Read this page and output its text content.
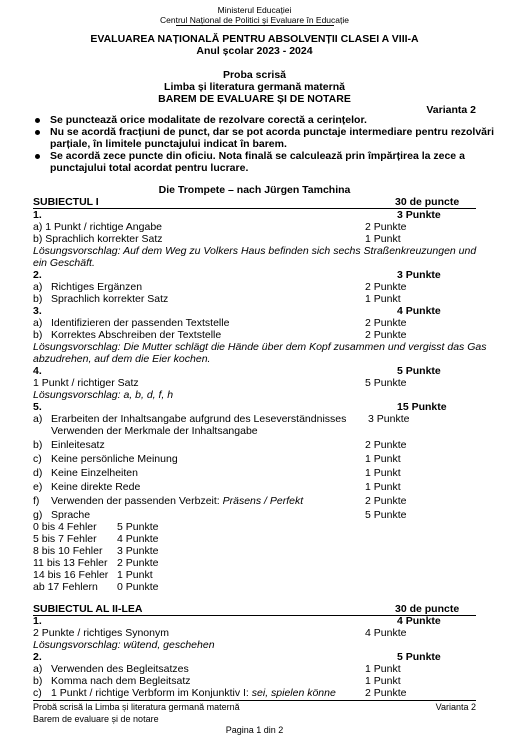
Ministerul Educației
Centrul Național de Politici și Evaluare în Educație
EVALUAREA NAȚIONALĂ PENTRU ABSOLVENȚII CLASEI A VIII-A
Anul școlar 2023 - 2024
Proba scrisă
Limba și literatura germană maternă
BAREM DE EVALUARE ȘI DE NOTARE
Varianta 2
Se punctează orice modalitate de rezolvare corectă a cerințelor.
Nu se acordă fracțiuni de punct, dar se pot acorda punctaje intermediare pentru rezolvări
parțiale, în limitele punctajului indicat în barem.
Se acordă zece puncte din oficiu. Nota finală se calculează prin împărțirea la zece a
punctajului total acordat pentru lucrare.
Die Trompete – nach Jürgen Tamchina
SUBIECTUL I	30 de puncte
1.	3 Punkte
a) 1 Punkt / richtige Angabe	2 Punkte
b) Sprachlich korrekter Satz	1 Punkt
Lösungsvorschlag: Auf dem Weg zu Volkers Haus befinden sich sechs Straßenkreuzungen und
ein Geschäft.
2.	3 Punkte
a) Richtiges Ergänzen	2 Punkte
b) Sprachlich korrekter Satz	1 Punkt
3.	4 Punkte
a) Identifizieren der passenden Textstelle	2 Punkte
b) Korrektes Abschreiben der Textstelle	2 Punkte
Lösungsvorschlag: Die Mutter schlägt die Hände über dem Kopf zusammen und vergisst das Gas
abzudrehen, auf dem die Eier kochen.
4.	5 Punkte
1 Punkt / richtiger Satz	5 Punkte
Lösungsvorschlag: a, b, d, f, h
5.	15 Punkte
a) Erarbeiten der Inhaltsangabe aufgrund des Leseverständnisses 3 Punkte
Verwenden der Merkmale der Inhaltsangabe
b) Einleitesatz	2 Punkte
c) Keine persönliche Meinung	1 Punkt
d) Keine Einzelheiten	1 Punkt
e) Keine direkte Rede	1 Punkt
f) Verwenden der passenden Verbzeit: Präsens / Perfekt	2 Punkte
g) Sprache	5 Punkte
0 bis 4 Fehler 5 Punkte
5 bis 7 Fehler 4 Punkte
8 bis 10 Fehler 3 Punkte
11 bis 13 Fehler 2 Punkte
14 bis 16 Fehler 1 Punkt
ab 17 Fehlern 0 Punkte
SUBIECTUL AL II-LEA	30 de puncte
1.	4 Punkte
2 Punkte / richtiges Synonym	4 Punkte
Lösungsvorschlag: wütend, geschehen
2.	5 Punkte
a) Verwenden des Begleitsatzes	1 Punkt
b) Komma nach dem Begleitsatz	1 Punkt
c) 1 Punkt / richtige Verbform im Konjunktiv I: sei, spielen könne	2 Punkte
Probă scrisă la Limba și literatura germană maternă	Varianta 2
Barem de evaluare și de notare
Pagina 1 din 2
